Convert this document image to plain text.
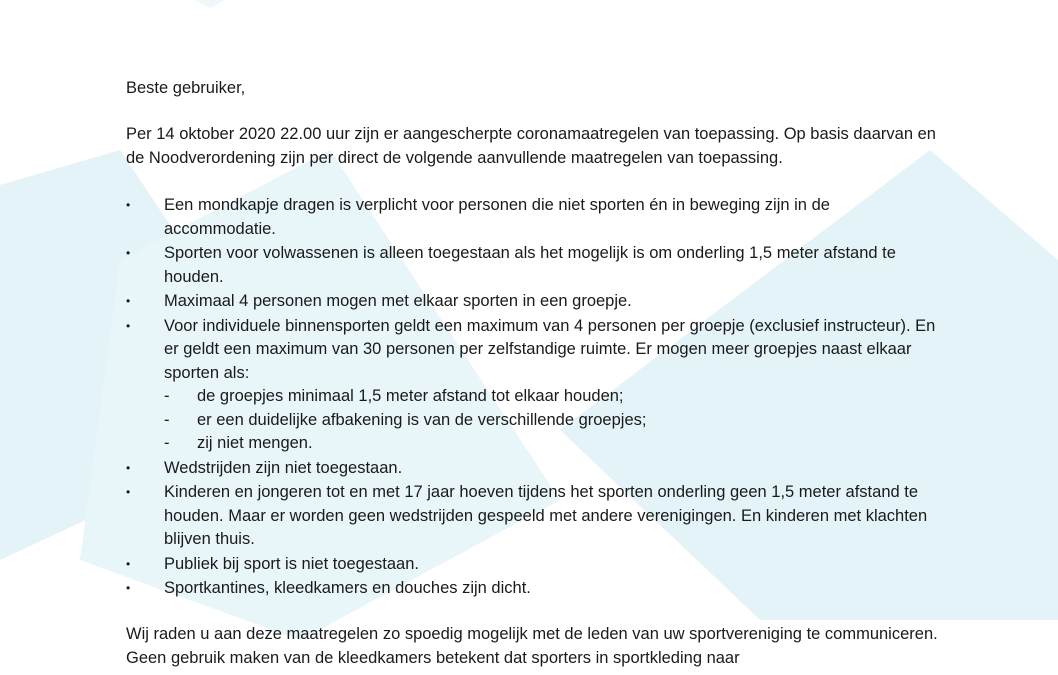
Beste gebruiker,

Per 14 oktober 2020 22.00 uur zijn er aangescherpte coronamaatregelen van toepassing. Op basis daarvan en de Noodverordening zijn per direct de volgende aanvullende maatregelen van toepassing.

•	Een mondkapje dragen is verplicht voor personen die niet sporten én in beweging zijn in de accommodatie.
•	Sporten voor volwassenen is alleen toegestaan als het mogelijk is om onderling 1,5 meter afstand te houden.
•	Maximaal 4 personen mogen met elkaar sporten in een groepje.
•	Voor individuele binnensporten geldt een maximum van 4 personen per groepje (exclusief instructeur). En er geldt een maximum van 30 personen per zelfstandige ruimte. Er mogen meer groepjes naast elkaar sporten als:
- de groepjes minimaal 1,5 meter afstand tot elkaar houden;
- er een duidelijke afbakening is van de verschillende groepjes;
- zij niet mengen.
•	Wedstrijden zijn niet toegestaan.
•	Kinderen en jongeren tot en met 17 jaar hoeven tijdens het sporten onderling geen 1,5 meter afstand te houden. Maar er worden geen wedstrijden gespeeld met andere verenigingen. En kinderen met klachten blijven thuis.
•	Publiek bij sport is niet toegestaan.
•	Sportkantines, kleedkamers en douches zijn dicht.

Wij raden u aan deze maatregelen zo spoedig mogelijk met de leden van uw sportvereniging te communiceren. Geen gebruik maken van de kleedkamers betekent dat sporters in sportkleding naar
